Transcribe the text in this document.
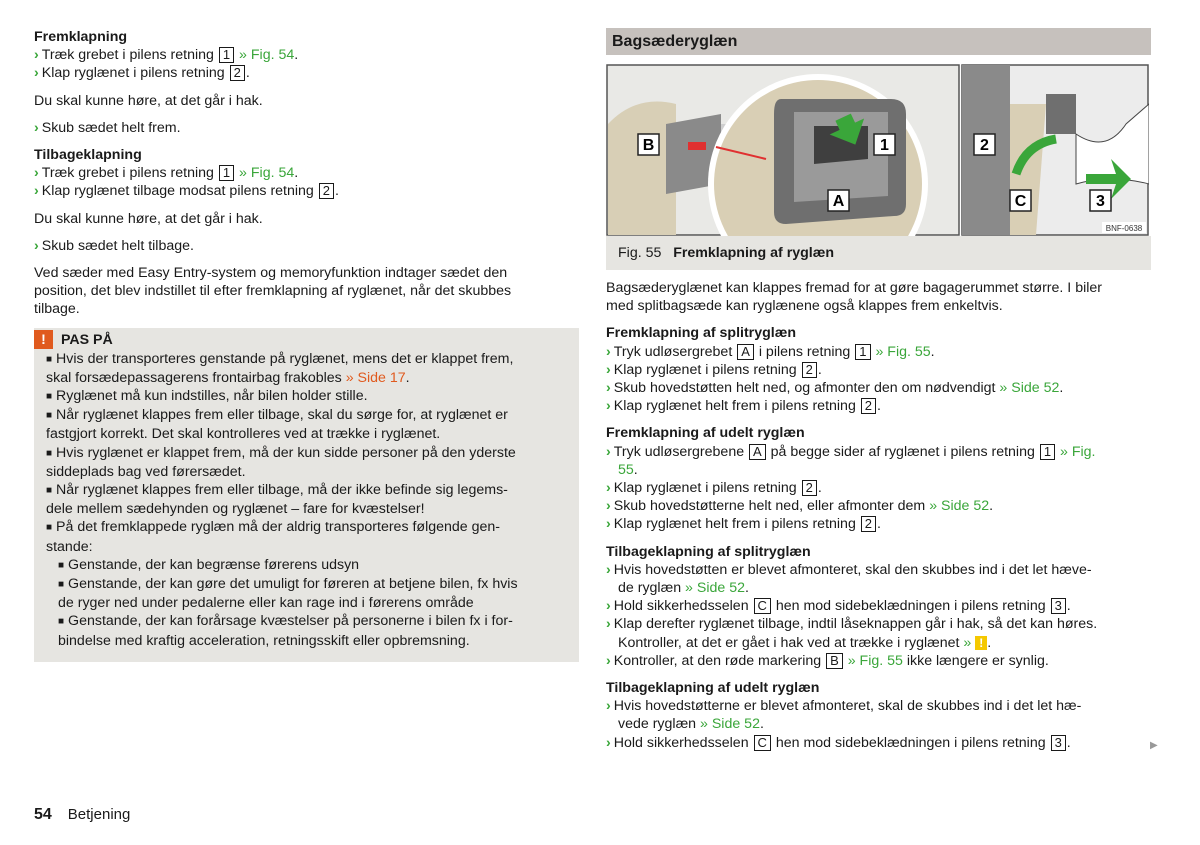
Fremklapning

› Træk grebet i pilens retning 1 » Fig. 54.

› Klap ryglænet i pilens retning 2 .

Du skal kunne høre, at det går i hak.

› Skub sædet helt frem.

Tilbageklapning

› Træk grebet i pilens retning 1 » Fig. 54.

› Klap ryglænet tilbage modsat pilens retning 2 .

Du skal kunne høre, at det går i hak.

› Skub sædet helt tilbage.

Ved sæder med Easy Entry-system og memoryfunktion indtager sædet den

position, det blev indstillet til efter fremklapning af ryglænet, når det skubbes

tilbage.

!	PAS PÅ

■ Hvis der transporteres genstande på ryglænet, mens det er klappet frem,

skal forsædepassagerens frontairbag frakobles » Side 17.

■ Ryglænet må kun indstilles, når bilen holder stille.

■ Når ryglænet klappes frem eller tilbage, skal du sørge for, at ryglænet er

fastgjort korrekt. Det skal kontrolleres ved at trække i ryglænet.

■ Hvis ryglænet er klappet frem, må der kun sidde personer på den yderste

siddeplads bag ved førersædet.

■ Når ryglænet klappes frem eller tilbage, må der ikke befinde sig legems-

dele mellem sædehynden og ryglænet – fare for kvæstelser!

■ På det fremklappede ryglæn må der aldrig transporteres følgende gen-

stande:

■ Genstande, der kan begrænse førerens udsyn

■ Genstande, der kan gøre det umuligt for føreren at betjene bilen, fx hvis

de ryger ned under pedalerne eller kan rage ind i førerens område

■ Genstande, der kan forårsage kvæstelser på personerne i bilen fx i for-

bindelse med kraftig acceleration, retningsskift eller opbremsning.

Bagsæderyglæn
B	1
A
2
C	3
BNF-0638
Fig. 55 Fremklapning af ryglæn

Bagsæderyglænet kan klappes fremad for at gøre bagagerummet større. I biler

med splitbagsæde kan ryglænene også klappes frem enkeltvis.

Fremklapning af splitryglæn

› Tryk udløsergrebet A i pilens retning 1 » Fig. 55.

› Klap ryglænet i pilens retning 2 .

› Skub hovedstøtten helt ned, og afmonter den om nødvendigt » Side 52.

› Klap ryglænet helt frem i pilens retning 2 .

Fremklapning af udelt ryglæn

› Tryk udløsergrebene A på begge sider af ryglænet i pilens retning 1 » Fig.

55.

› Klap ryglænet i pilens retning 2 .

› Skub hovedstøtterne helt ned, eller afmonter dem » Side 52.

› Klap ryglænet helt frem i pilens retning 2 .

Tilbageklapning af splitryglæn

› Hvis hovedstøtten er blevet afmonteret, skal den skubbes ind i det let hæve-

de ryglæn » Side 52.

› Hold sikkerhedsselen C hen mod sidebeklædningen i pilens retning 3 .

› Klap derefter ryglænet tilbage, indtil låseknappen går i hak, så det kan høres.

Kontroller, at det er gået i hak ved at trække i ryglænet » ! .

› Kontroller, at den røde markering B » Fig. 55 ikke længere er synlig.

Tilbageklapning af udelt ryglæn

› Hvis hovedstøtterne er blevet afmonteret, skal de skubbes ind i det let hæ-

vede ryglæn » Side 52.

› Hold sikkerhedsselen C hen mod sidebeklædningen i pilens retning 3 .	▶
54 Betjening
